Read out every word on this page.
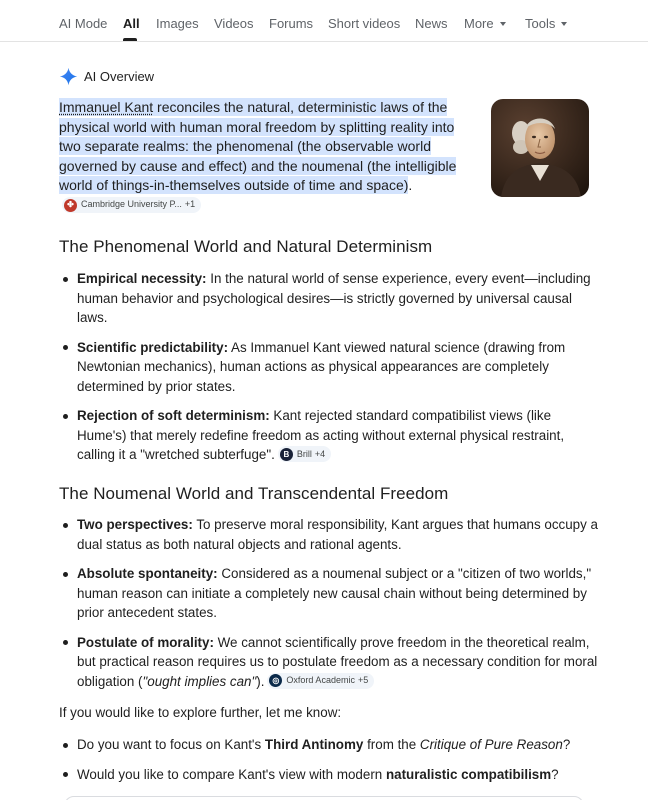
AI Mode All Images Videos Forums Short videos News More	Tools
AI Overview
Immanuel Kant reconciles the natural, deterministic laws of the physical world with human moral freedom by splitting reality into two separate realms: the phenomenal (the observable world governed by cause and effect) and the noumenal (the intelligible world of things-in-themselves outside of time and space).
✤ Cambridge University P... +1
The Phenomenal World and Natural Determinism
Empirical necessity: In the natural world of sense experience, every event—including human behavior and psychological desires—is strictly governed by universal causal laws.
Scientific predictability: As Immanuel Kant viewed natural science (drawing from Newtonian mechanics), human actions as physical appearances are completely determined by prior states.
Rejection of soft determinism: Kant rejected standard compatibilist views (like Hume's) that merely redefine freedom as acting without external physical restraint, calling it a "wretched subterfuge".	B Brill +4
The Noumenal World and Transcendental Freedom
Two perspectives: To preserve moral responsibility, Kant argues that humans occupy a dual status as both natural objects and rational agents.
Absolute spontaneity: Considered as a noumenal subject or a "citizen of two worlds," human reason can initiate a completely new causal chain without being determined by prior antecedent states.
Postulate of morality: We cannot scientifically prove freedom in the theoretical realm, but practical reason requires us to postulate freedom as a necessary condition for moral obligation ("ought implies can").	◎ Oxford Academic +5
If you would like to explore further, let me know:
Do you want to focus on Kant's Third Antinomy from the Critique of Pure Reason?
Would you like to compare Kant's view with modern naturalistic compatibilism?
